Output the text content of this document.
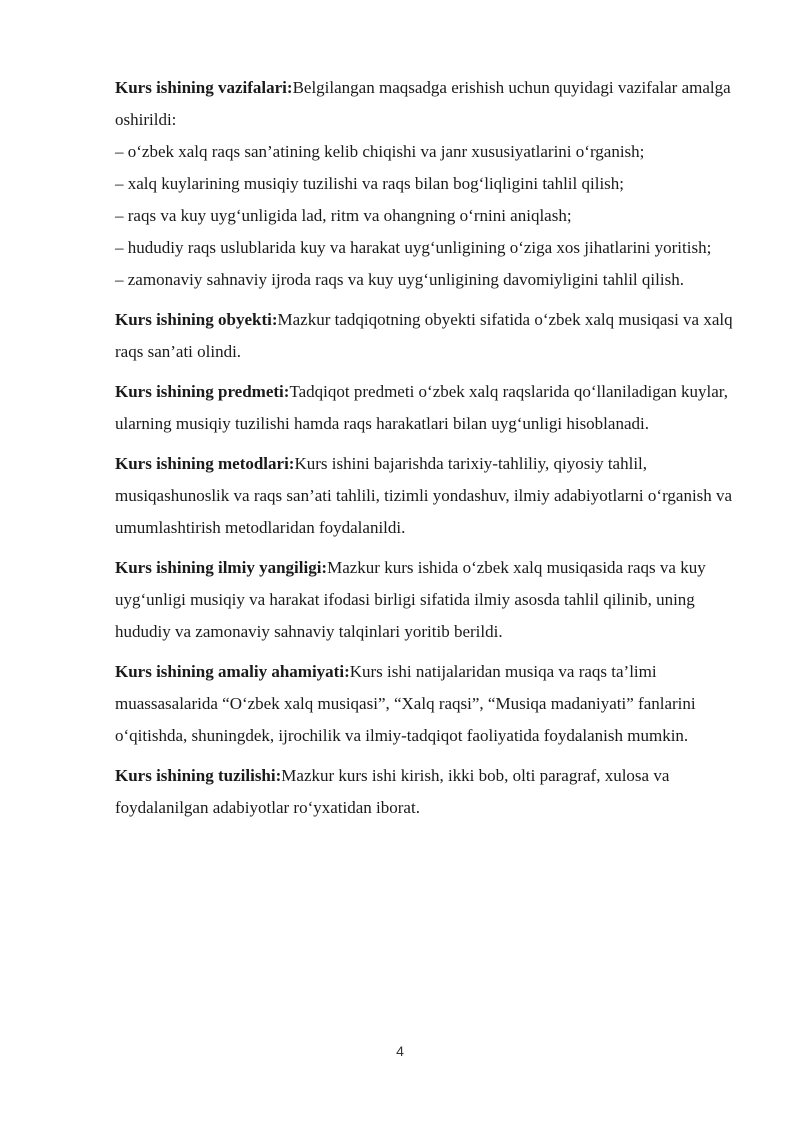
Kurs ishining vazifalari:Belgilangan maqsadga erishish uchun quyidagi vazifalar amalga oshirildi:
– o‘zbek xalq raqs san’atining kelib chiqishi va janr xususiyatlarini o‘rganish;
– xalq kuylarining musiqiy tuzilishi va raqs bilan bog‘liqligini tahlil qilish;
– raqs va kuy uyg‘unligida lad, ritm va ohangning o‘rnini aniqlash;
– hududiy raqs uslublarida kuy va harakat uyg‘unligining o‘ziga xos jihatlarini yoritish;
– zamonaviy sahnaviy ijroda raqs va kuy uyg‘unligining davomiyligini tahlil qilish.

Kurs ishining obyekti:Mazkur tadqiqotning obyekti sifatida o‘zbek xalq musiqasi va xalq raqs san’ati olindi.

Kurs ishining predmeti:Tadqiqot predmeti o‘zbek xalq raqslarida qo‘llaniladigan kuylar, ularning musiqiy tuzilishi hamda raqs harakatlari bilan uyg‘unligi hisoblanadi.

Kurs ishining metodlari:Kurs ishini bajarishda tarixiy-tahliliy, qiyosiy tahlil, musiqashunoslik va raqs san’ati tahlili, tizimli yondashuv, ilmiy adabiyotlarni o‘rganish va umumlashtirish metodlaridan foydalanildi.

Kurs ishining ilmiy yangiligi:Mazkur kurs ishida o‘zbek xalq musiqasida raqs va kuy uyg‘unligi musiqiy va harakat ifodasi birligi sifatida ilmiy asosda tahlil qilinib, uning hududiy va zamonaviy sahnaviy talqinlari yoritib berildi.

Kurs ishining amaliy ahamiyati:Kurs ishi natijalaridan musiqa va raqs ta’limi muassasalarida “O‘zbek xalq musiqasi”, “Xalq raqsi”, “Musiqa madaniyati” fanlarini o‘qitishda, shuningdek, ijrochilik va ilmiy-tadqiqot faoliyatida foydalanish mumkin.

Kurs ishining tuzilishi:Mazkur kurs ishi kirish, ikki bob, olti paragraf, xulosa va foydalanilgan adabiyotlar ro‘yxatidan iborat.

4
